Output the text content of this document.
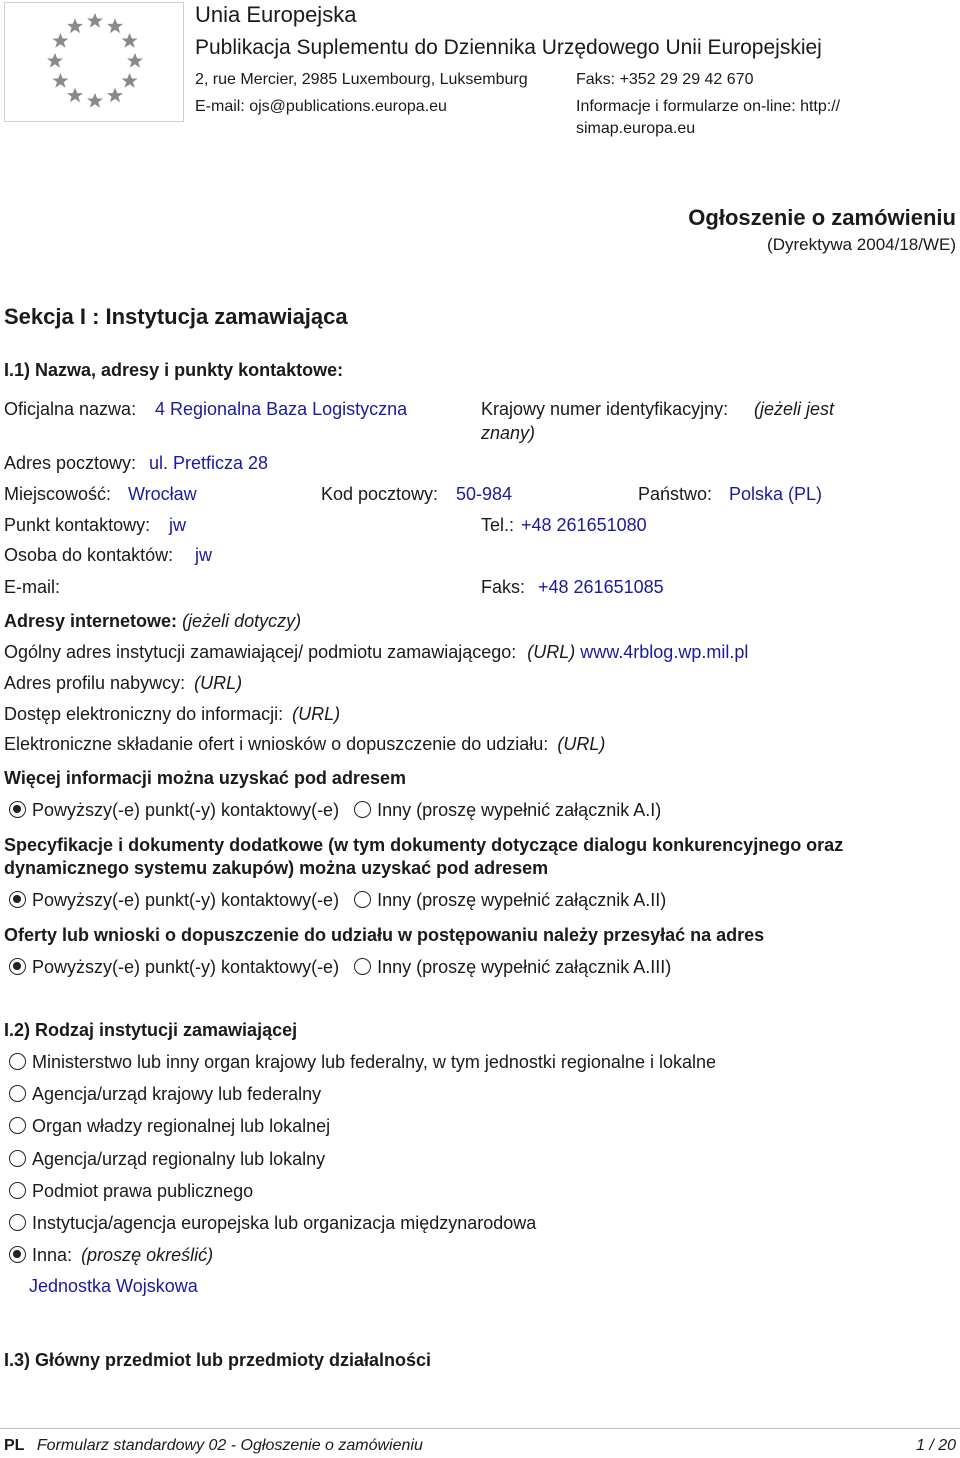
Unia Europejska
Publikacja Suplementu do Dziennika Urzędowego Unii Europejskiej
2, rue Mercier, 2985 Luxembourg, Luksemburg	Faks: +352 29 29 42 670
E-mail: ojs@publications.europa.eu	Informacje i formularze on-line: http://
simap.europa.eu
Ogłoszenie o zamówieniu
(Dyrektywa 2004/18/WE)
Sekcja I : Instytucja zamawiająca
I.1) Nazwa, adresy i punkty kontaktowe:
Oficjalna nazwa: 4 Regionalna Baza Logistyczna	Krajowy numer identyfikacyjny: (jeżeli jest
znany)
Adres pocztowy: ul. Pretficza 28
Miejscowość: Wrocław	Kod pocztowy: 50-984	Państwo: Polska (PL)
Punkt kontaktowy: jw	Tel.: +48 261651080
Osoba do kontaktów: jw
E-mail:	Faks: +48 261651085
Adresy internetowe: (jeżeli dotyczy)
Ogólny adres instytucji zamawiającej/ podmiotu zamawiającego: (URL) www.4rblog.wp.mil.pl
Adres profilu nabywcy: (URL)
Dostęp elektroniczny do informacji: (URL)
Elektroniczne składanie ofert i wniosków o dopuszczenie do udziału: (URL)
Więcej informacji można uzyskać pod adresem
Powyższy(-e) punkt(-y) kontaktowy(-e) Inny (proszę wypełnić załącznik A.I)
Specyfikacje i dokumenty dodatkowe (w tym dokumenty dotyczące dialogu konkurencyjnego oraz
dynamicznego systemu zakupów) można uzyskać pod adresem
Powyższy(-e) punkt(-y) kontaktowy(-e) Inny (proszę wypełnić załącznik A.II)
Oferty lub wnioski o dopuszczenie do udziału w postępowaniu należy przesyłać na adres
Powyższy(-e) punkt(-y) kontaktowy(-e) Inny (proszę wypełnić załącznik A.III)
I.2) Rodzaj instytucji zamawiającej
Ministerstwo lub inny organ krajowy lub federalny, w tym jednostki regionalne i lokalne
Agencja/urząd krajowy lub federalny
Organ władzy regionalnej lub lokalnej
Agencja/urząd regionalny lub lokalny
Podmiot prawa publicznego
Instytucja/agencja europejska lub organizacja międzynarodowa
Inna: (proszę określić)
Jednostka Wojskowa
I.3) Główny przedmiot lub przedmioty działalności
PL Formularz standardowy 02 - Ogłoszenie o zamówieniu	1 / 20
